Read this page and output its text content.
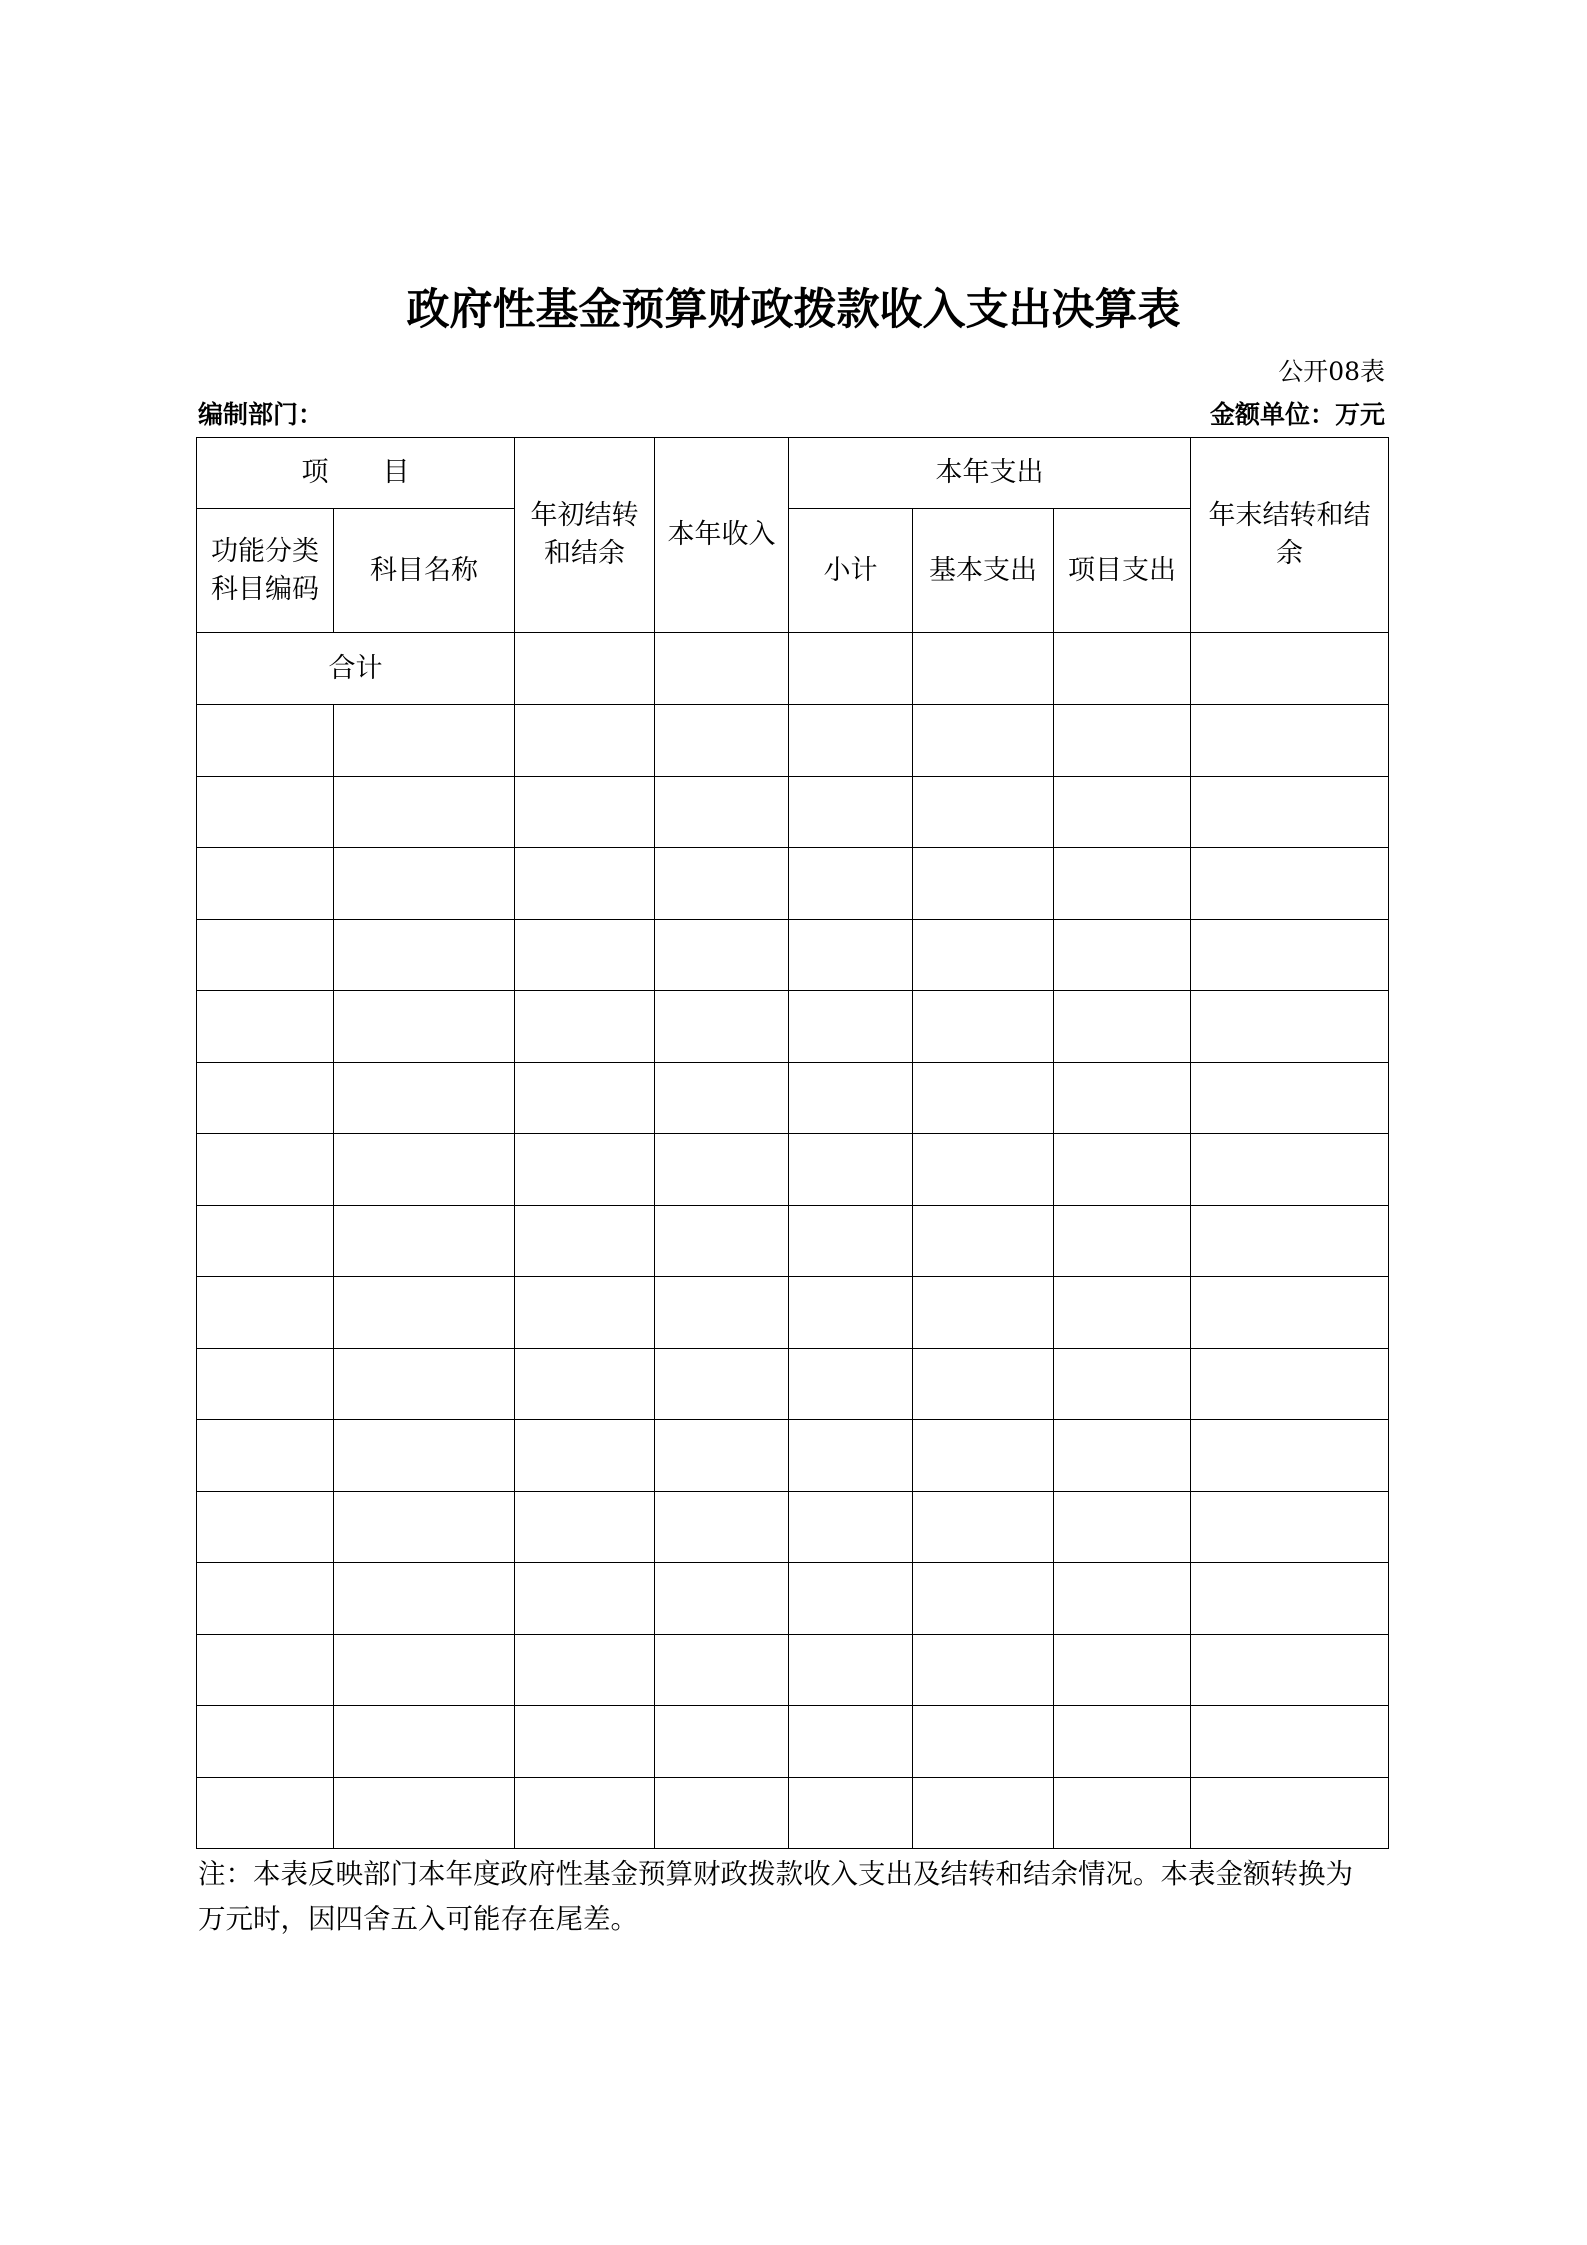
政府性基金预算财政拨款收入支出决算表
公开08表
编制部门：	金额单位：万元
项　　目		年初结转和结余	本年收入	本年支出			年末结转和结余
功能分类科目编码	科目名称			小计	基本支出	项目支出	
合计							

注：本表反映部门本年度政府性基金预算财政拨款收入支出及结转和结余情况。本表金额转换为
万元时，因四舍五入可能存在尾差。
